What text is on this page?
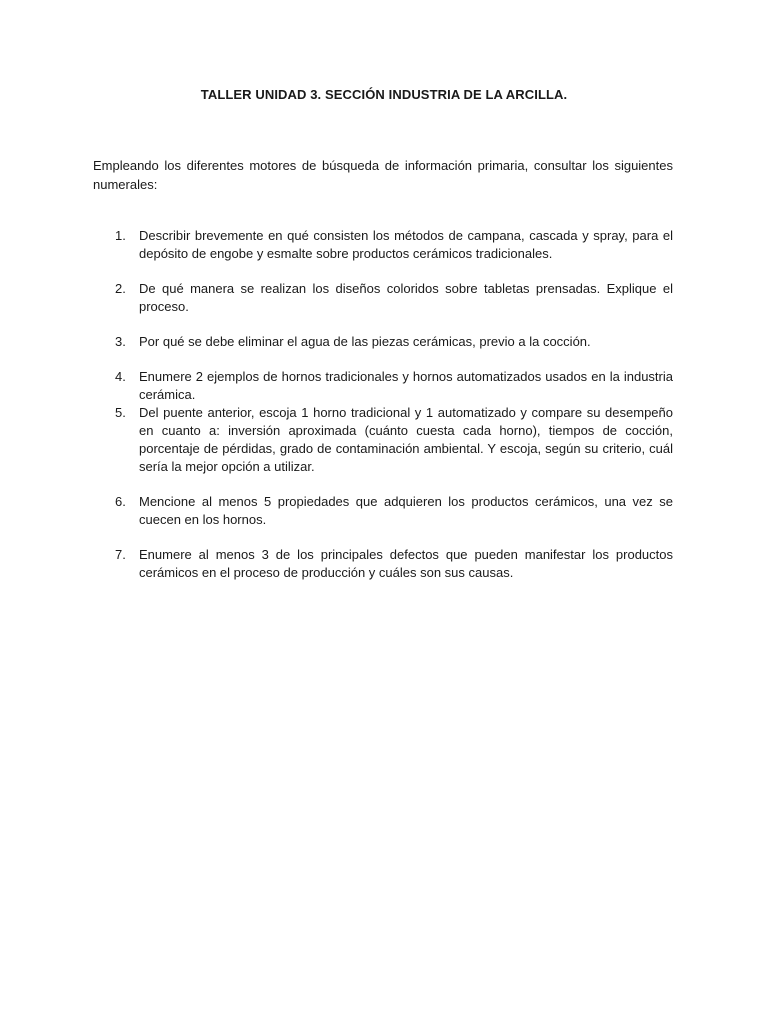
TALLER UNIDAD 3. SECCIÓN INDUSTRIA DE LA ARCILLA.
Empleando los diferentes motores de búsqueda de información primaria, consultar los siguientes numerales:
1. Describir brevemente en qué consisten los métodos de campana, cascada y spray, para el depósito de engobe y esmalte sobre productos cerámicos tradicionales.
2. De qué manera se realizan los diseños coloridos sobre tabletas prensadas. Explique el proceso.
3. Por qué se debe eliminar el agua de las piezas cerámicas, previo a la cocción.
4. Enumere 2 ejemplos de hornos tradicionales y hornos automatizados usados en la industria cerámica.
5. Del puente anterior, escoja 1 horno tradicional y 1 automatizado y compare su desempeño en cuanto a: inversión aproximada (cuánto cuesta cada horno), tiempos de cocción, porcentaje de pérdidas, grado de contaminación ambiental. Y escoja, según su criterio, cuál sería la mejor opción a utilizar.
6. Mencione al menos 5 propiedades que adquieren los productos cerámicos, una vez se cuecen en los hornos.
7. Enumere al menos 3 de los principales defectos que pueden manifestar los productos cerámicos en el proceso de producción y cuáles son sus causas.
